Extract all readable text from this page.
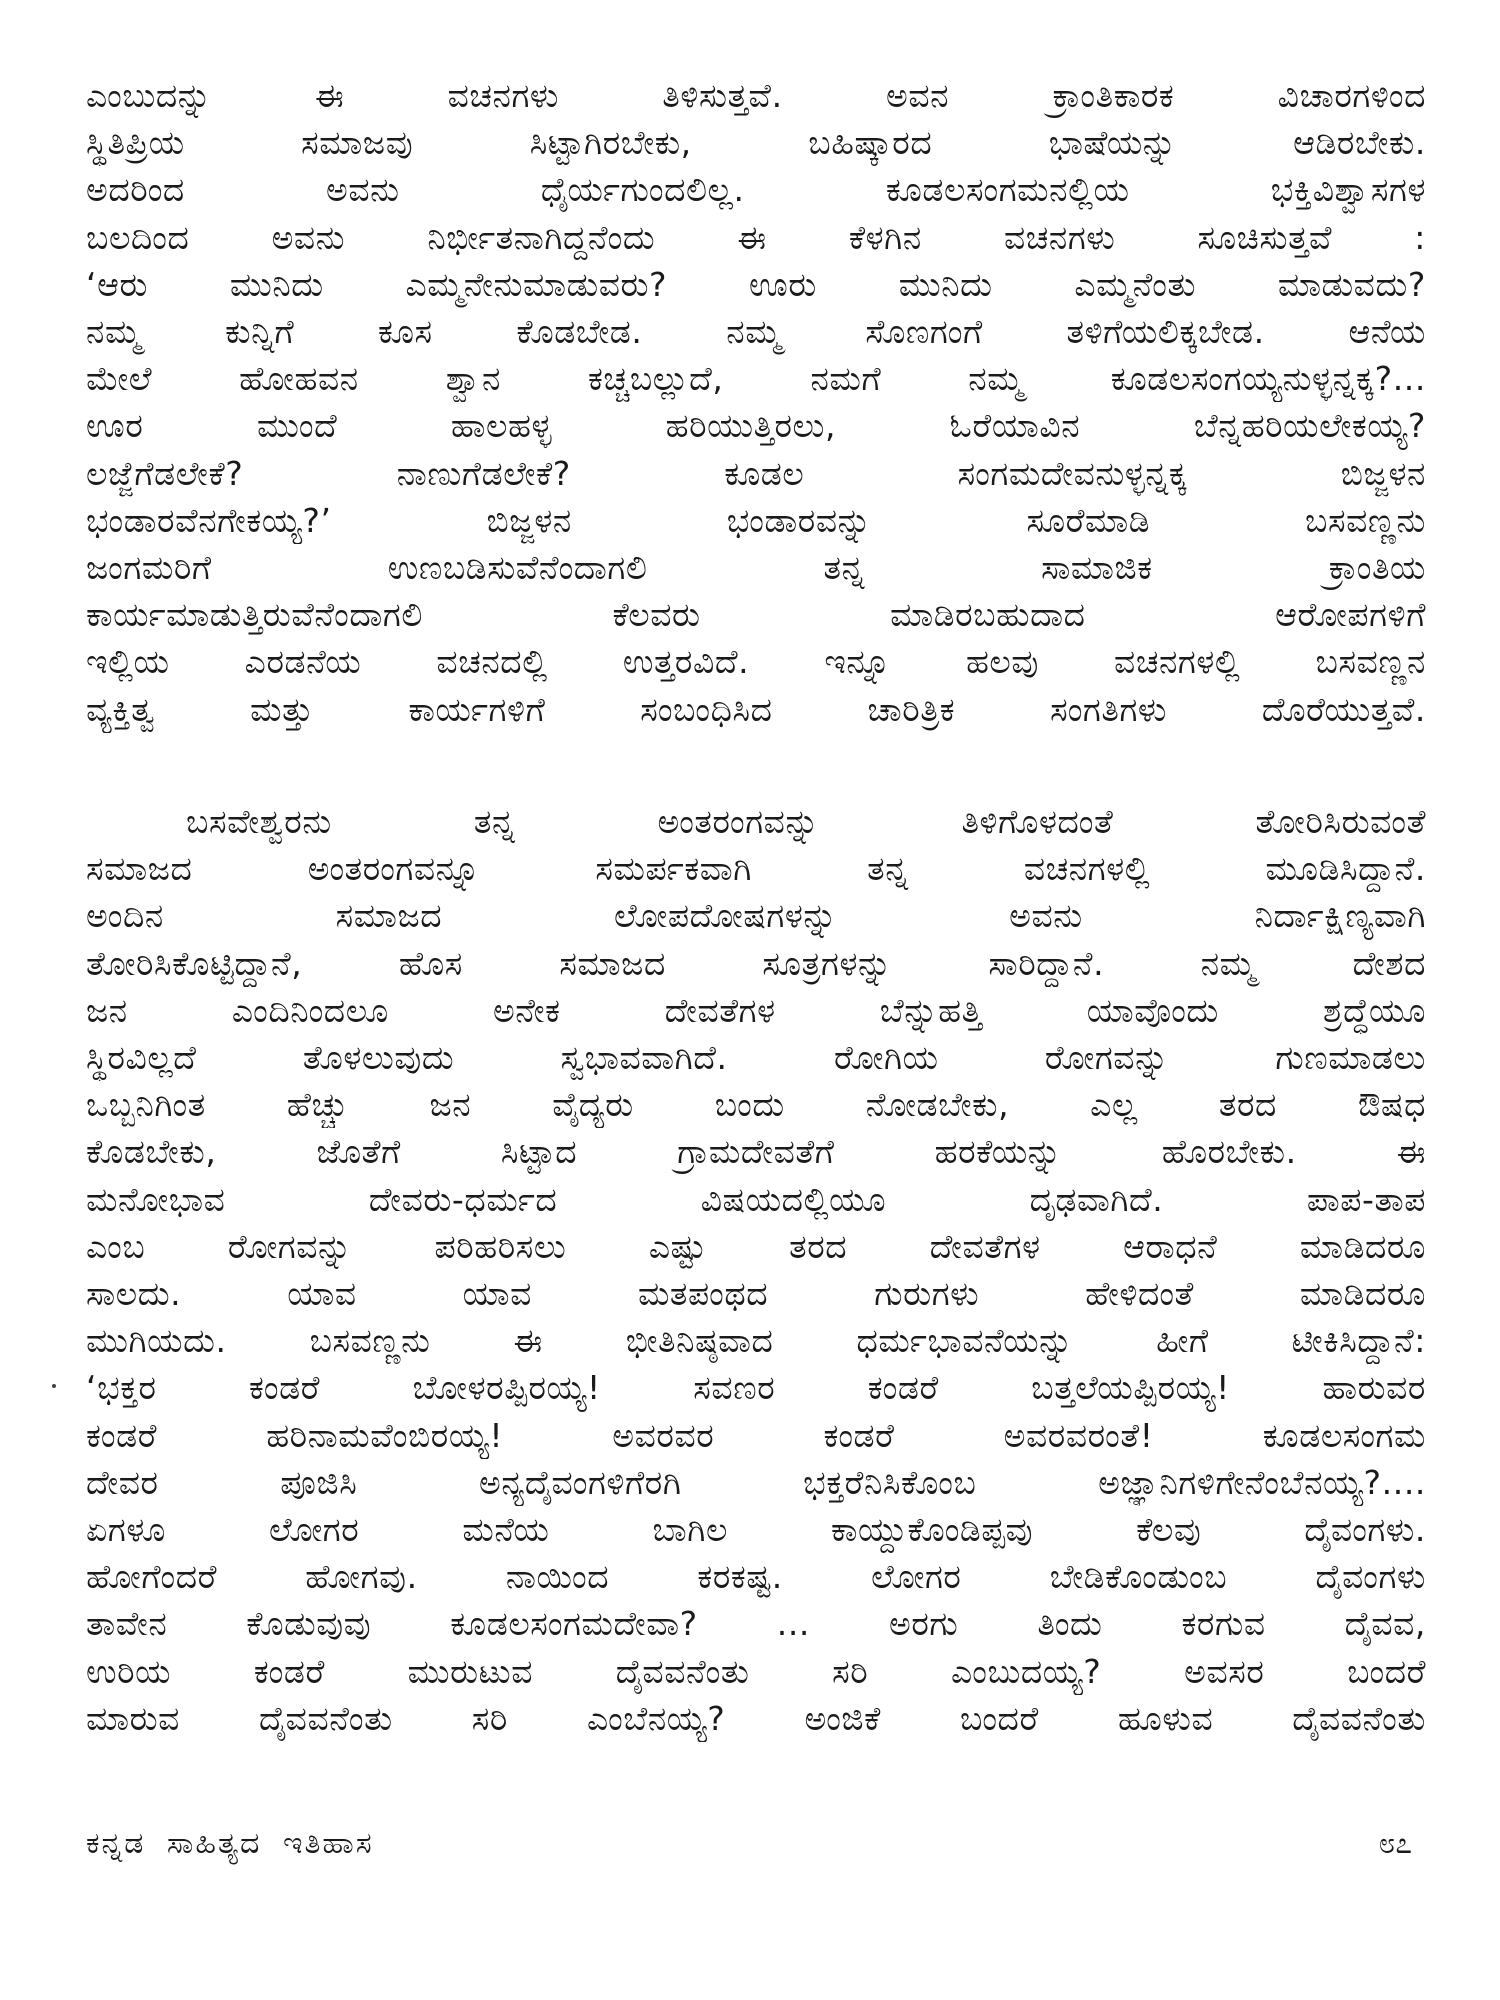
ಎಂಬುದನ್ನು ಈ ವಚನಗಳು ತಿಳಿಸುತ್ತವೆ. ಅವನ ಕ್ರಾಂತಿಕಾರಕ ವಿಚಾರಗಳಿಂದ
ಸ್ಥಿತಿಪ್ರಿಯ ಸಮಾಜವು ಸಿಟ್ಟಾಗಿರಬೇಕು, ಬಹಿಷ್ಕಾರದ ಭಾಷೆಯನ್ನು ಆಡಿರಬೇಕು.
ಅದರಿಂದ ಅವನು ಧೈರ್ಯಗುಂದಲಿಲ್ಲ. ಕೂಡಲಸಂಗಮನಲ್ಲಿಯ ಭಕ್ತಿವಿಶ್ವಾಸಗಳ
ಬಲದಿಂದ ಅವನು ನಿರ್ಭೀತನಾಗಿದ್ದನೆಂದು ಈ ಕೆಳಗಿನ ವಚನಗಳು ಸೂಚಿಸುತ್ತವೆ :
‘ಆರು ಮುನಿದು ಎಮ್ಮನೇನುಮಾಡುವರು? ಊರು ಮುನಿದು ಎಮ್ಮನೆಂತು ಮಾಡುವದು?
ನಮ್ಮ ಕುನ್ನಿಗೆ ಕೂಸ ಕೊಡಬೇಡ. ನಮ್ಮ ಸೊಣಗಂಗೆ ತಳಿಗೆಯಲಿಕ್ಕಬೇಡ. ಆನೆಯ
ಮೇಲೆ ಹೋಹವನ ಶ್ವಾನ ಕಚ್ಚಬಲ್ಲುದೆ, ನಮಗೆ ನಮ್ಮ ಕೂಡಲಸಂಗಯ್ಯನುಳ್ಳನ್ನಕ್ಕ?...
ಊರ ಮುಂದೆ ಹಾಲಹಳ್ಳ ಹರಿಯುತ್ತಿರಲು, ಓರೆಯಾವಿನ ಬೆನ್ನಹರಿಯಲೇಕಯ್ಯ?
ಲಜ್ಜೆಗೆಡಲೇಕೆ? ನಾಣುಗೆಡಲೇಕೆ? ಕೂಡಲ ಸಂಗಮದೇವನುಳ್ಳನ್ನಕ್ಕ ಬಿಜ್ಜಳನ
ಭಂಡಾರವೆನಗೇಕಯ್ಯ?’ ಬಿಜ್ಜಳನ ಭಂಡಾರವನ್ನು ಸೂರೆಮಾಡಿ ಬಸವಣ್ಣನು
ಜಂಗಮರಿಗೆ ಉಣಬಡಿಸುವೆನೆಂದಾಗಲಿ ತನ್ನ ಸಾಮಾಜಿಕ ಕ್ರಾಂತಿಯ
ಕಾರ್ಯಮಾಡುತ್ತಿರುವೆನೆಂದಾಗಲಿ ಕೆಲವರು ಮಾಡಿರಬಹುದಾದ ಆರೋಪಗಳಿಗೆ
ಇಲ್ಲಿಯ ಎರಡನೆಯ ವಚನದಲ್ಲಿ ಉತ್ತರವಿದೆ. ಇನ್ನೂ ಹಲವು ವಚನಗಳಲ್ಲಿ ಬಸವಣ್ಣನ
ವ್ಯಕ್ತಿತ್ವ ಮತ್ತು ಕಾರ್ಯಗಳಿಗೆ ಸಂಬಂಧಿಸಿದ ಚಾರಿತ್ರಿಕ ಸಂಗತಿಗಳು ದೊರೆಯುತ್ತವೆ.
ಬಸವೇಶ್ವರನು ತನ್ನ ಅಂತರಂಗವನ್ನು ತಿಳಿಗೊಳದಂತೆ ತೋರಿಸಿರುವಂತೆ
ಸಮಾಜದ ಅಂತರಂಗವನ್ನೂ ಸಮರ್ಪಕವಾಗಿ ತನ್ನ ವಚನಗಳಲ್ಲಿ ಮೂಡಿಸಿದ್ದಾನೆ.
ಅಂದಿನ ಸಮಾಜದ ಲೋಪದೋಷಗಳನ್ನು ಅವನು ನಿರ್ದಾಕ್ಷಿಣ್ಯವಾಗಿ
ತೋರಿಸಿಕೊಟ್ಟಿದ್ದಾನೆ, ಹೊಸ ಸಮಾಜದ ಸೂತ್ರಗಳನ್ನು ಸಾರಿದ್ದಾನೆ. ನಮ್ಮ ದೇಶದ
ಜನ ಎಂದಿನಿಂದಲೂ ಅನೇಕ ದೇವತೆಗಳ ಬೆನ್ನುಹತ್ತಿ ಯಾವೊಂದು ಶ್ರದ್ಧೆಯೂ
ಸ್ಥಿರವಿಲ್ಲದೆ ತೊಳಲುವುದು ಸ್ವಭಾವವಾಗಿದೆ. ರೋಗಿಯ ರೋಗವನ್ನು ಗುಣಮಾಡಲು
ಒಬ್ಬನಿಗಿಂತ ಹೆಚ್ಚು ಜನ ವೈದ್ಯರು ಬಂದು ನೋಡಬೇಕು, ಎಲ್ಲ ತರದ ಔಷಧ
ಕೊಡಬೇಕು, ಜೊತೆಗೆ ಸಿಟ್ಟಾದ ಗ್ರಾಮದೇವತೆಗೆ ಹರಕೆಯನ್ನು ಹೊರಬೇಕು. ಈ
ಮನೋಭಾವ ದೇವರು-ಧರ್ಮದ ವಿಷಯದಲ್ಲಿಯೂ ದೃಢವಾಗಿದೆ. ಪಾಪ-ತಾಪ
ಎಂಬ ರೋಗವನ್ನು ಪರಿಹರಿಸಲು ಎಷ್ಟು ತರದ ದೇವತೆಗಳ ಆರಾಧನೆ ಮಾಡಿದರೂ
ಸಾಲದು. ಯಾವ ಯಾವ ಮತಪಂಥದ ಗುರುಗಳು ಹೇಳಿದಂತೆ ಮಾಡಿದರೂ
ಮುಗಿಯದು. ಬಸವಣ್ಣನು ಈ ಭೀತಿನಿಷ್ಠವಾದ ಧರ್ಮಭಾವನೆಯನ್ನು ಹೀಗೆ ಟೀಕಿಸಿದ್ದಾನೆ:
‘ಭಕ್ತರ ಕಂಡರೆ ಬೋಳರಪ್ಪಿರಯ್ಯ! ಸವಣರ ಕಂಡರೆ ಬತ್ತಲೆಯಪ್ಪಿರಯ್ಯ! ಹಾರುವರ
ಕಂಡರೆ ಹರಿನಾಮವೆಂಬಿರಯ್ಯ! ಅವರವರ ಕಂಡರೆ ಅವರವರಂತೆ! ಕೂಡಲಸಂಗಮ
ದೇವರ ಪೂಜಿಸಿ ಅನ್ಯದೈವಂಗಳಿಗೆರಗಿ ಭಕ್ತರೆನಿಸಿಕೊಂಬ ಅಜ್ಞಾನಿಗಳಿಗೇನೆಂಬೆನಯ್ಯ?....
ಏಗಳೂ ಲೋಗರ ಮನೆಯ ಬಾಗಿಲ ಕಾಯ್ದುಕೊಂಡಿಪ್ಪವು ಕೆಲವು ದೈವಂಗಳು.
ಹೋಗೆಂದರೆ ಹೋಗವು. ನಾಯಿಂದ ಕರಕಷ್ಟ. ಲೋಗರ ಬೇಡಿಕೊಂಡುಂಬ ದೈವಂಗಳು
ತಾವೇನ ಕೊಡುವುವು ಕೂಡಲಸಂಗಮದೇವಾ? ... ಅರಗು ತಿಂದು ಕರಗುವ ದೈವವ,
ಉರಿಯ ಕಂಡರೆ ಮುರುಟುವ ದೈವವನೆಂತು ಸರಿ ಎಂಬುದಯ್ಯ? ಅವಸರ ಬಂದರೆ
ಮಾರುವ ದೈವವನೆಂತು ಸರಿ ಎಂಬೆನಯ್ಯ? ಅಂಜಿಕೆ ಬಂದರೆ ಹೂಳುವ ದೈವವನೆಂತು
ಕನ್ನಡ ಸಾಹಿತ್ಯದ ಇತಿಹಾಸ	೮೭
